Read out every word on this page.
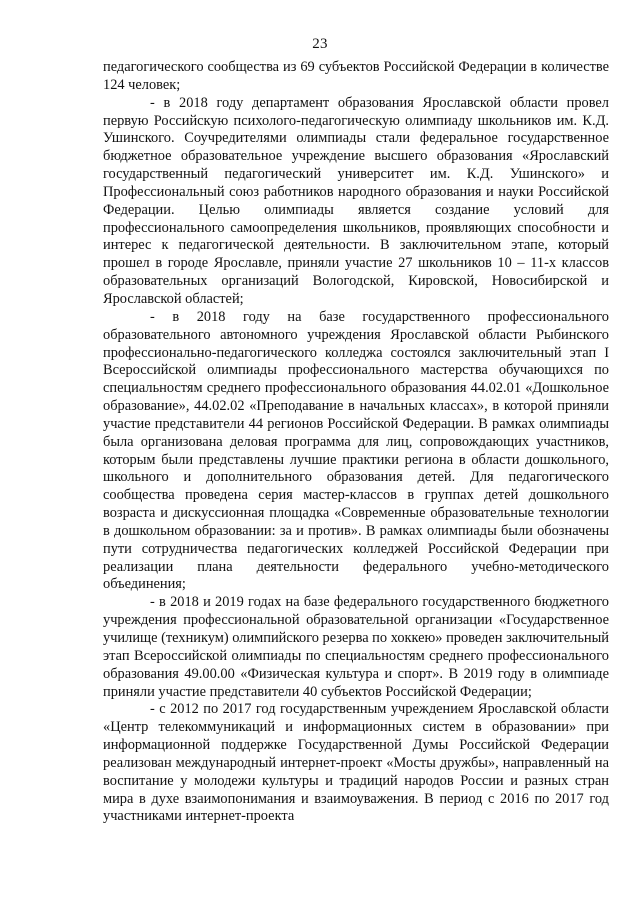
23

педагогического сообщества из 69 субъектов Российской Федерации в количестве 124 человек;

- в 2018 году департамент образования Ярославской области провел первую Российскую психолого-педагогическую олимпиаду школьников им. К.Д. Ушинского. Соучредителями олимпиады стали федеральное государственное бюджетное образовательное учреждение высшего образования «Ярославский государственный педагогический университет им. К.Д. Ушинского» и Профессиональный союз работников народного образования и науки Российской Федерации. Целью олимпиады является создание условий для профессионального самоопределения школьников, проявляющих способности и интерес к педагогической деятельности. В заключительном этапе, который прошел в городе Ярославле, приняли участие 27 школьников 10 – 11-х классов образовательных организаций Вологодской, Кировской, Новосибирской и Ярославской областей;

- в 2018 году на базе государственного профессионального образовательного автономного учреждения Ярославской области Рыбинского профессионально-педагогического колледжа состоялся заключительный этап I Всероссийской олимпиады профессионального мастерства обучающихся по специальностям среднего профессионального образования 44.02.01 «Дошкольное образование», 44.02.02 «Преподавание в начальных классах», в которой приняли участие представители 44 регионов Российской Федерации. В рамках олимпиады была организована деловая программа для лиц, сопровождающих участников, которым были представлены лучшие практики региона в области дошкольного, школьного и дополнительного образования детей. Для педагогического сообщества проведена серия мастер-классов в группах детей дошкольного возраста и дискуссионная площадка «Современные образовательные технологии в дошкольном образовании: за и против». В рамках олимпиады были обозначены пути сотрудничества педагогических колледжей Российской Федерации при реализации плана деятельности федерального учебно-методического объединения;

- в 2018 и 2019 годах на базе федерального государственного бюджетного учреждения профессиональной образовательной организации «Государственное училище (техникум) олимпийского резерва по хоккею» проведен заключительный этап Всероссийской олимпиады по специальностям среднего профессионального образования 49.00.00 «Физическая культура и спорт». В 2019 году в олимпиаде приняли участие представители 40 субъектов Российской Федерации;

- с 2012 по 2017 год государственным учреждением Ярославской области «Центр телекоммуникаций и информационных систем в образовании» при информационной поддержке Государственной Думы Российской Федерации реализован международный интернет-проект «Мосты дружбы», направленный на воспитание у молодежи культуры и традиций народов России и разных стран мира в духе взаимопонимания и взаимоуважения. В период с 2016 по 2017 год участниками интернет-проекта
